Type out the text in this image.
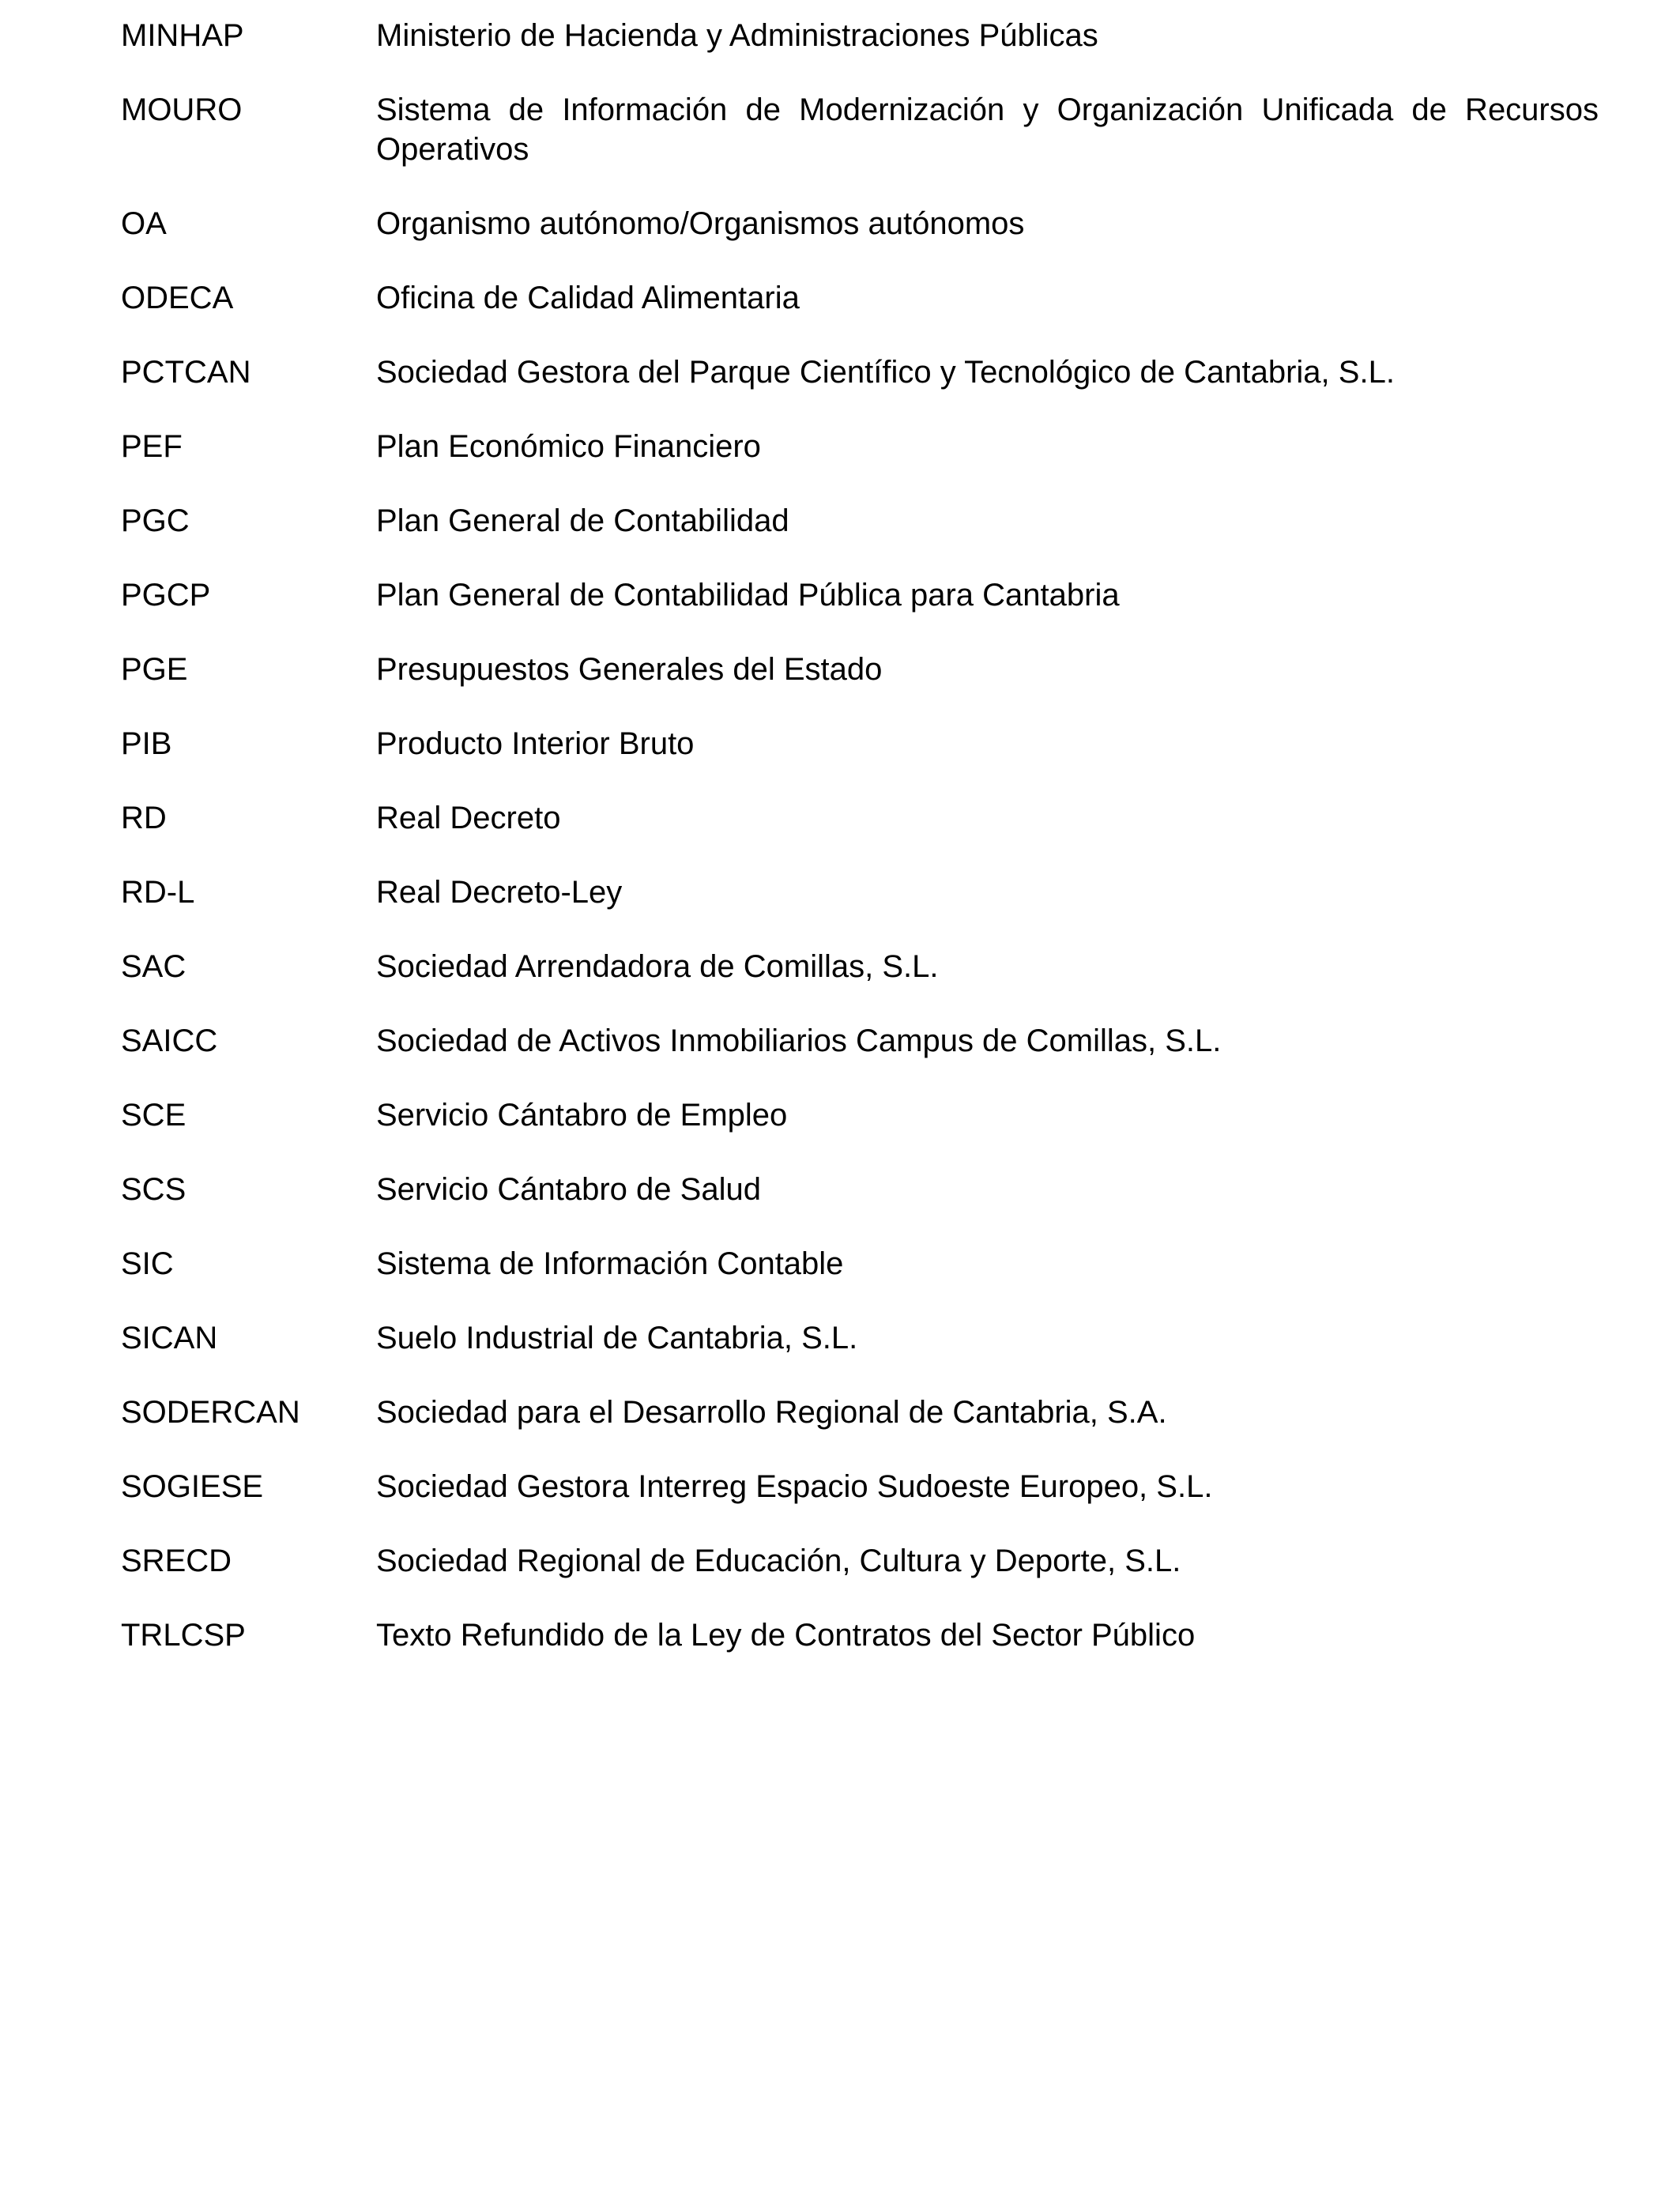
MINHAP	Ministerio de Hacienda y Administraciones Públicas
MOURO	Sistema de Información de Modernización y Organización Unificada de Recursos Operativos
OA	Organismo autónomo/Organismos autónomos
ODECA	Oficina de Calidad Alimentaria
PCTCAN	Sociedad Gestora del Parque Científico y Tecnológico de Cantabria, S.L.
PEF	Plan Económico Financiero
PGC	Plan General de Contabilidad
PGCP	Plan General de Contabilidad Pública para Cantabria
PGE	Presupuestos Generales del Estado
PIB	Producto Interior Bruto
RD	Real Decreto
RD-L	Real Decreto-Ley
SAC	Sociedad Arrendadora de Comillas, S.L.
SAICC	Sociedad de Activos Inmobiliarios Campus de Comillas, S.L.
SCE	Servicio Cántabro de Empleo
SCS	Servicio Cántabro de Salud
SIC	Sistema de Información Contable
SICAN	Suelo Industrial de Cantabria, S.L.
SODERCAN	Sociedad para el Desarrollo Regional de Cantabria, S.A.
SOGIESE	Sociedad Gestora Interreg Espacio Sudoeste Europeo, S.L.
SRECD	Sociedad Regional de Educación, Cultura y Deporte, S.L.
TRLCSP	Texto Refundido de la Ley de Contratos del Sector Público
